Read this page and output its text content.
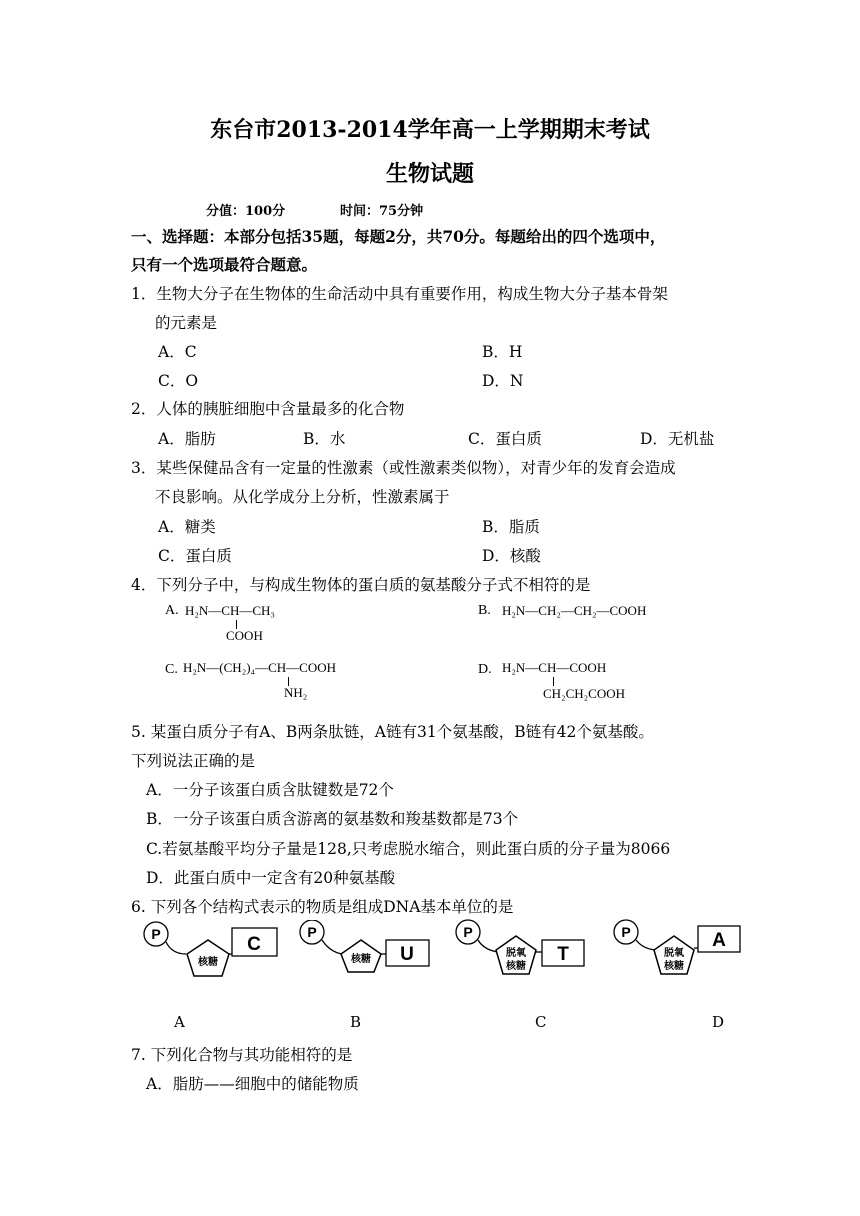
东台市2013-2014学年高一上学期期末考试
生物试题
分值：100分	时间：75分钟
一、选择题：本部分包括35题，每题2分，共70分。每题给出的四个选项中，
只有一个选项最符合题意。
1．生物大分子在生物体的生命活动中具有重要作用，构成生物大分子基本骨架
的元素是
A．C	B．H
C．O	D．N
2．人体的胰脏细胞中含量最多的化合物
A．脂肪	B．水	C．蛋白质	D．无机盐
3．某些保健品含有一定量的性激素（或性激素类似物），对青少年的发育会造成
不良影响。从化学成分上分析，性激素属于
A．糖类	B．脂质
C．蛋白质	D．核酸
4．下列分子中，与构成生物体的蛋白质的氨基酸分子式不相符的是
A. H₂N—CH—CH₃
COOH
B. H₂N—CH₂—CH₂—COOH
C. H₂N—(CH₂)₄—CH—COOH
NH₂
D. H₂N—CH—COOH
CH₂CH₂COOH
5. 某蛋白质分子有A、B两条肽链，A链有31个氨基酸，B链有42个氨基酸。
下列说法正确的是
A．一分子该蛋白质含肽键数是72个
B．一分子该蛋白质含游离的氨基数和羧基数都是73个
C.若氨基酸平均分子量是128,只考虑脱水缩合，则此蛋白质的分子量为8066
D．此蛋白质中一定含有20种氨基酸
6. 下列各个结构式表示的物质是组成DNA基本单位的是
P
核糖
C
P
核糖 U
P
脱氧
核糖
T
P
脱氧
核糖
A
A	B	C	D
7. 下列化合物与其功能相符的是
A．脂肪——细胞中的储能物质
